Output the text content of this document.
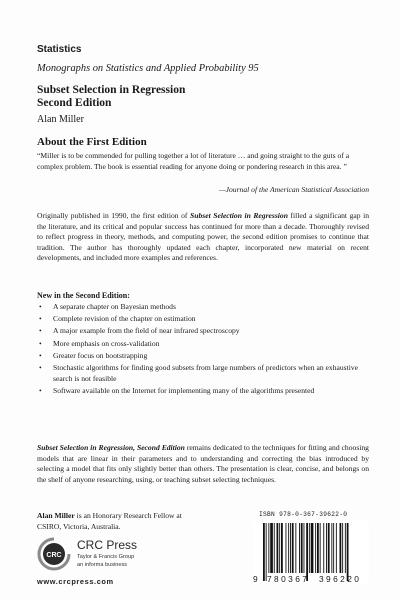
Statistics
Monographs on Statistics and Applied Probability 95
Subset Selection in Regression
Second Edition
Alan Miller
About the First Edition
“Miller is to be commended for pulling together a lot of literature … and going straight to the guts of a complex problem. The book is essential reading for anyone doing or pondering research in this area. ”
—Journal of the American Statistical Association
Originally published in 1990, the first edition of Subset Selection in Regression filled a significant gap in the literature, and its critical and popular success has continued for more than a decade. Thoroughly revised to reflect progress in theory, methods, and computing power, the second edition promises to continue that tradition. The author has thoroughly updated each chapter, incorporated new material on recent developments, and included more examples and references.
New in the Second Edition:
• A separate chapter on Bayesian methods
• Complete revision of the chapter on estimation
• A major example from the field of near infrared spectroscopy
• More emphasis on cross-validation
• Greater focus on bootstrapping
• Stochastic algorithms for finding good subsets from large numbers of predictors when an exhaustive search is not feasible
• Software available on the Internet for implementing many of the algorithms presented
Subset Selection in Regression, Second Edition remains dedicated to the techniques for fitting and choosing models that are linear in their parameters and to understanding and correcting the bias introduced by selecting a model that fits only slightly better than others. The presentation is clear, concise, and belongs on the shelf of anyone researching, using, or teaching subset selecting techniques.
Alan Miller is an Honorary Research Fellow at CSIRO, Victoria, Australia.
CRC
CRC Press
Taylor & Francis Group
an informa business
www.crcpress.com
ISBN 978-0-367-39622-0
9 780367 396220
